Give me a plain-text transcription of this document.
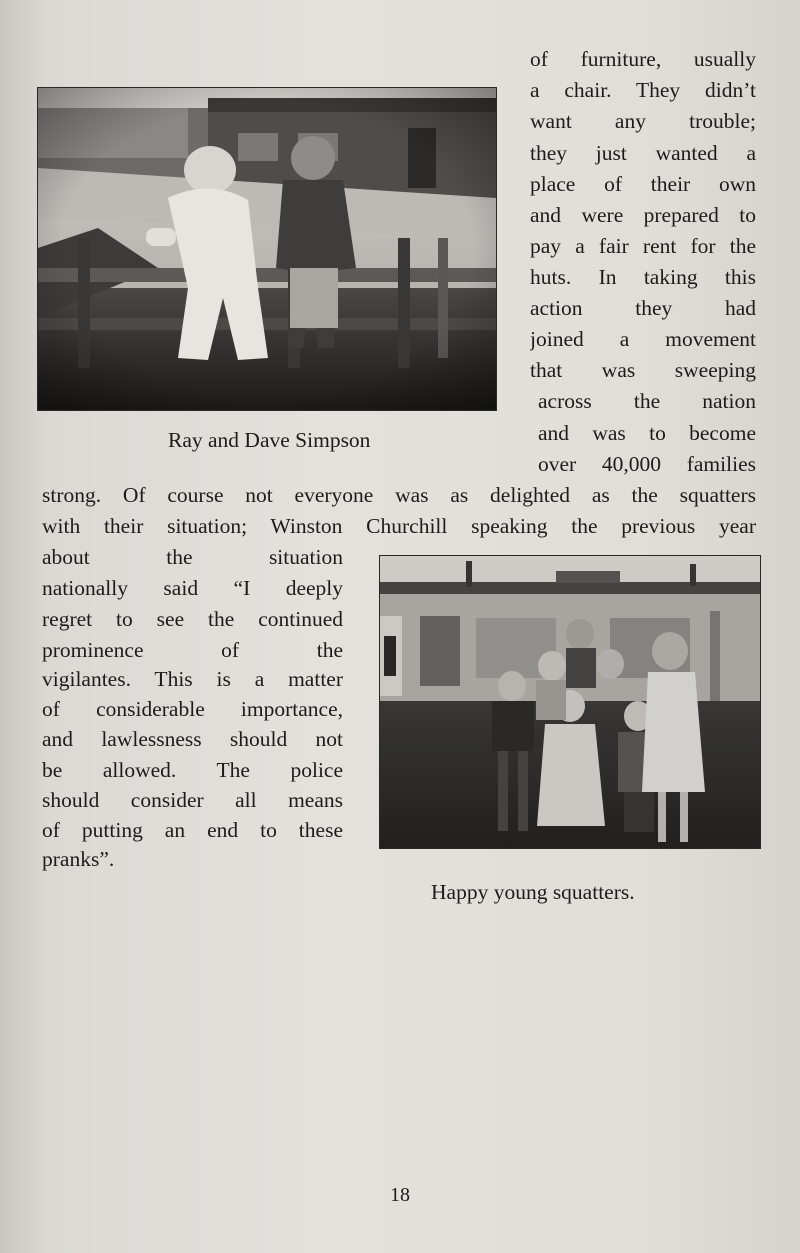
of furniture, usually
a chair. They didn’t
want any trouble;
they just wanted a
place of their own
and were prepared to
pay a fair rent for the
huts. In taking this
action they had
joined a movement
that was sweeping
across the nation
and was to become
over 40,000 families
Ray and Dave Simpson
strong. Of course not everyone was as delighted as the squatters
with their situation; Winston Churchill speaking the previous year
about the situation
nationally said “I deeply
regret to see the continued
prominence of the
vigilantes. This is a matter
of considerable importance,
and lawlessness should not
be allowed. The police
should consider all means
of putting an end to these
pranks”.
Happy young squatters.
18
